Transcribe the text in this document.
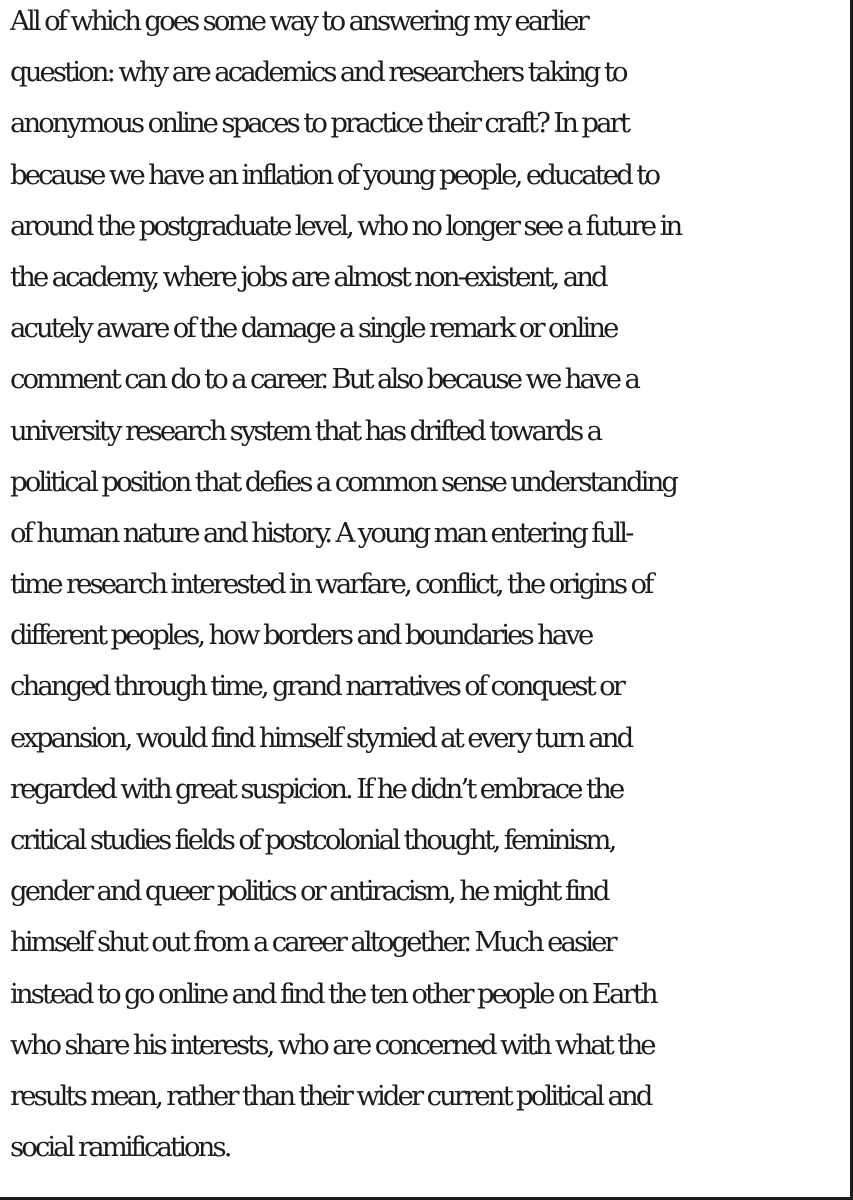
All of which goes some way to answering my earlier
question: why are academics and researchers taking to
anonymous online spaces to practice their craft? In part
because we have an inflation of young people, educated to
around the postgraduate level, who no longer see a future in
the academy, where jobs are almost non-existent, and
acutely aware of the damage a single remark or online
comment can do to a career. But also because we have a
university research system that has drifted towards a
political position that defies a common sense understanding
of human nature and history. A young man entering full-
time research interested in warfare, conflict, the origins of
different peoples, how borders and boundaries have
changed through time, grand narratives of conquest or
expansion, would find himself stymied at every turn and
regarded with great suspicion. If he didn’t embrace the
critical studies fields of postcolonial thought, feminism,
gender and queer politics or antiracism, he might find
himself shut out from a career altogether. Much easier
instead to go online and find the ten other people on Earth
who share his interests, who are concerned with what the
results mean, rather than their wider current political and
social ramifications.
